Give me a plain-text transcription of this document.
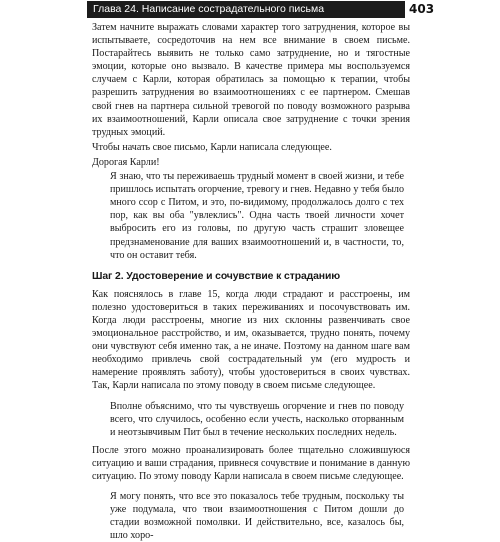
Глава 24. Написание сострадательного письма	403

Затем начните выражать словами характер того затруднения, которое вы испытываете, сосредоточив на нем все внимание в своем письме. Постарайтесь выявить не только само затруднение, но и тягостные эмоции, которые оно вызвало. В качестве примера мы воспользуемся случаем с Карли, которая обратилась за помощью к терапии, чтобы разрешить затруднения во взаимоотношениях с ее партнером. Смешав свой гнев на партнера сильной тревогой по поводу возможного разрыва их взаимоотношений, Карли описала свое затруднение с точки зрения трудных эмоций.

Чтобы начать свое письмо, Карли написала следующее.

Дорогая Карли!

Я знаю, что ты переживаешь трудный момент в своей жизни, и тебе пришлось испытать огорчение, тревогу и гнев. Недавно у тебя было много ссор с Питом, и это, по-видимому, продолжалось долго с тех пор, как вы оба "увлеклись". Одна часть твоей личности хочет выбросить его из головы, по другую часть страшит зловещее предзнаменование для ваших взаимоотношений и, в частности, то, что он оставит тебя.

Шаг 2. Удостоверение и сочувствие к страданию

Как пояснялось в главе 15, когда люди страдают и расстроены, им полезно удостовериться в таких переживаниях и посочувствовать им. Когда люди расстроены, многие из них склонны развенчивать свое эмоциональное расстройство, и им, оказывается, трудно понять, почему они чувствуют себя именно так, а не иначе. Поэтому на данном шаге вам необходимо привлечь свой сострадательный ум (его мудрость и намерение проявлять заботу), чтобы удостовериться в своих чувствах. Так, Карли написала по этому поводу в своем письме следующее.

Вполне объяснимо, что ты чувствуешь огорчение и гнев по поводу всего, что случилось, особенно если учесть, насколько оторванным и неотзывчивым Пит был в течение нескольких последних недель.

После этого можно проанализировать более тщательно сложившуюся ситуацию и ваши страдания, привнеся сочувствие и понимание в данную ситуацию. По этому поводу Карли написала в своем письме следующее.

Я могу понять, что все это показалось тебе трудным, поскольку ты уже подумала, что твои взаимоотношения с Питом дошли до стадии возможной помолвки. И действительно, все, казалось бы, шло хоро-
